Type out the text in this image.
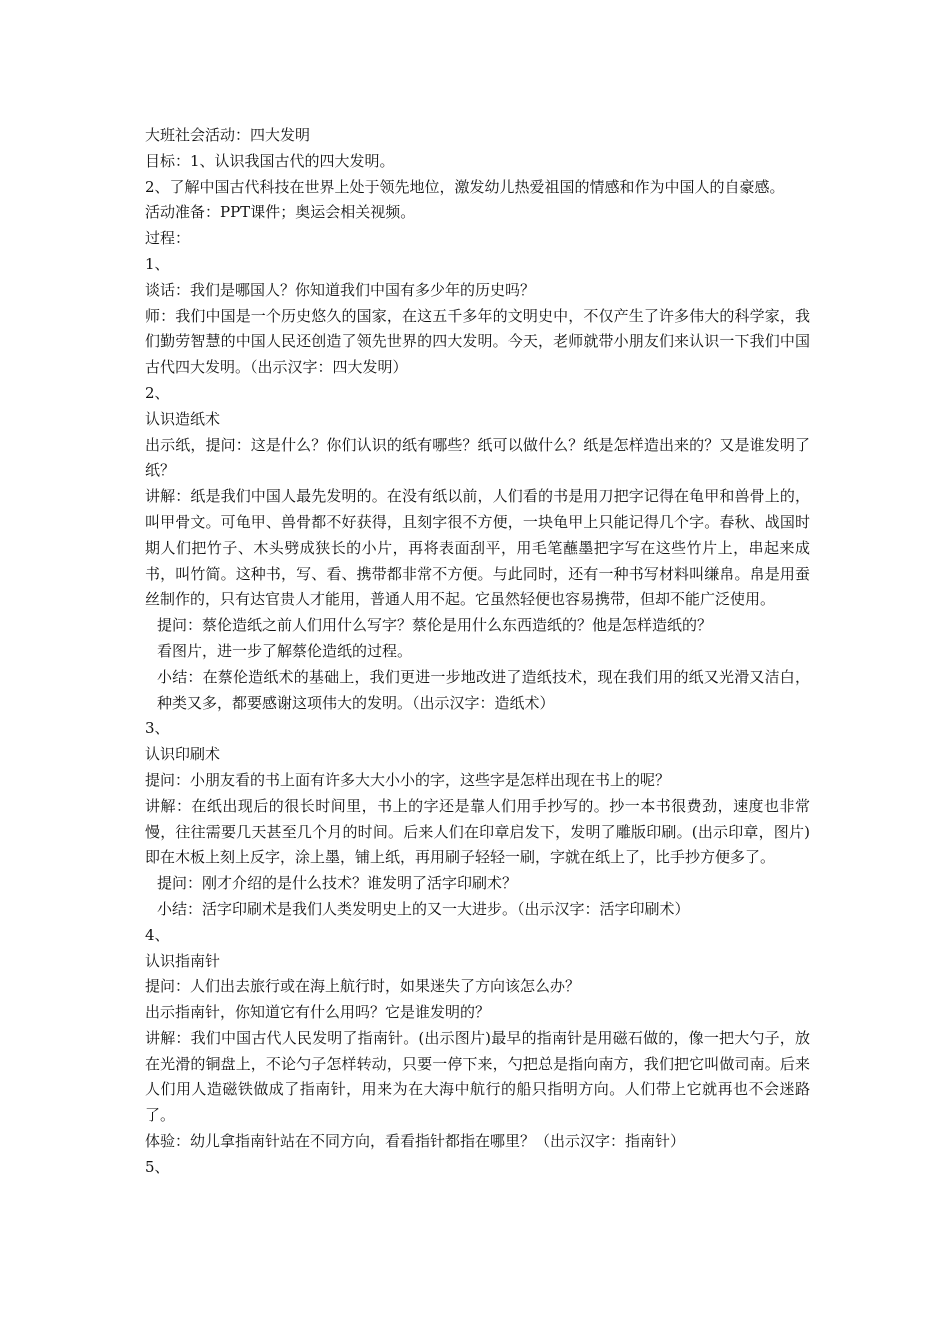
大班社会活动：四大发明

目标：1、认识我国古代的四大发明。

2、了解中国古代科技在世界上处于领先地位，激发幼儿热爱祖国的情感和作为中国人的自豪感。

活动准备：PPT课件；奥运会相关视频。

过程：

1、

谈话：我们是哪国人？你知道我们中国有多少年的历史吗？

师：我们中国是一个历史悠久的国家，在这五千多年的文明史中，不仅产生了许多伟大的科学家，我们勤劳智慧的中国人民还创造了领先世界的四大发明。今天，老师就带小朋友们来认识一下我们中国古代四大发明。（出示汉字：四大发明）

2、

认识造纸术

出示纸，提问：这是什么？你们认识的纸有哪些？纸可以做什么？纸是怎样造出来的？又是谁发明了纸？

讲解：纸是我们中国人最先发明的。在没有纸以前，人们看的书是用刀把字记得在龟甲和兽骨上的，叫甲骨文。可龟甲、兽骨都不好获得，且刻字很不方便，一块龟甲上只能记得几个字。春秋、战国时期人们把竹子、木头劈成狭长的小片，再将表面刮平，用毛笔蘸墨把字写在这些竹片上，串起来成书，叫竹简。这种书，写、看、携带都非常不方便。与此同时，还有一种书写材料叫缣帛。帛是用蚕丝制作的，只有达官贵人才能用，普通人用不起。它虽然轻便也容易携带，但却不能广泛使用。

提问：蔡伦造纸之前人们用什么写字？蔡伦是用什么东西造纸的？他是怎样造纸的？

看图片，进一步了解蔡伦造纸的过程。

小结：在蔡伦造纸术的基础上，我们更进一步地改进了造纸技术，现在我们用的纸又光滑又洁白，种类又多，都要感谢这项伟大的发明。（出示汉字：造纸术）

3、

认识印刷术

提问：小朋友看的书上面有许多大大小小的字，这些字是怎样出现在书上的呢？

讲解：在纸出现后的很长时间里，书上的字还是靠人们用手抄写的。抄一本书很费劲，速度也非常慢，往往需要几天甚至几个月的时间。后来人们在印章启发下，发明了雕版印刷。(出示印章，图片)即在木板上刻上反字，涂上墨，铺上纸，再用刷子轻轻一刷，字就在纸上了，比手抄方便多了。

提问：刚才介绍的是什么技术？谁发明了活字印刷术？

小结：活字印刷术是我们人类发明史上的又一大进步。（出示汉字：活字印刷术）

4、

认识指南针

提问：人们出去旅行或在海上航行时，如果迷失了方向该怎么办？

出示指南针，你知道它有什么用吗？它是谁发明的？

讲解：我们中国古代人民发明了指南针。(出示图片)最早的指南针是用磁石做的，像一把大勺子，放在光滑的铜盘上，不论勺子怎样转动，只要一停下来，勺把总是指向南方，我们把它叫做司南。后来人们用人造磁铁做成了指南针，用来为在大海中航行的船只指明方向。人们带上它就再也不会迷路了。

体验：幼儿拿指南针站在不同方向，看看指针都指在哪里？（出示汉字：指南针）

5、
